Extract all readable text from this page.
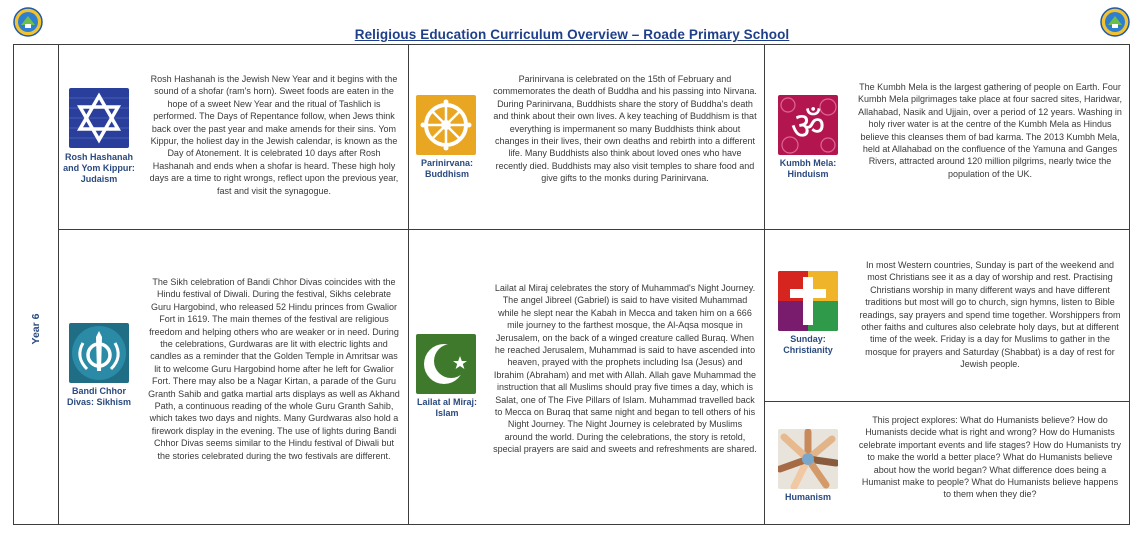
Religious Education Curriculum Overview – Roade Primary School
Year 6
Rosh Hashanah and Yom Kippur: Judaism
Rosh Hashanah is the Jewish New Year and it begins with the sound of a shofar (ram's horn). Sweet foods are eaten in the hope of a sweet New Year and the ritual of Tashlich is performed. The Days of Repentance follow, when Jews think back over the past year and make amends for their sins. Yom Kippur, the holiest day in the Jewish calendar, is known as the Day of Atonement. It is celebrated 10 days after Rosh Hashanah and ends when a shofar is heard. These high holy days are a time to right wrongs, reflect upon the previous year, fast and visit the synagogue.
Parinirvana: Buddhism
Parinirvana is celebrated on the 15th of February and commemorates the death of Buddha and his passing into Nirvana. During Parinirvana, Buddhists share the story of Buddha's death and think about their own lives. A key teaching of Buddhism is that everything is impermanent so many Buddhists think about changes in their lives, their own deaths and rebirth into a different life. Many Buddhists also think about loved ones who have recently died. Buddhists may also visit temples to share food and give gifts to the monks during Parinirvana.
ॐ
Kumbh Mela: Hinduism
The Kumbh Mela is the largest gathering of people on Earth. Four Kumbh Mela pilgrimages take place at four sacred sites, Haridwar, Allahabad, Nasik and Ujjain, over a period of 12 years. Washing in holy river water is at the centre of the Kumbh Mela as Hindus believe this cleanses them of bad karma. The 2013 Kumbh Mela, held at Allahabad on the confluence of the Yamuna and Ganges Rivers, attracted around 120 million pilgrims, nearly twice the population of the UK.
Bandi Chhor Divas: Sikhism
The Sikh celebration of Bandi Chhor Divas coincides with the Hindu festival of Diwali. During the festival, Sikhs celebrate Guru Hargobind, who released 52 Hindu princes from Gwalior Fort in 1619. The main themes of the festival are religious freedom and helping others who are weaker or in need. During the celebrations, Gurdwaras are lit with electric lights and candles as a reminder that the Golden Temple in Amritsar was lit to welcome Guru Hargobind home after he left for Gwalior Fort. There may also be a Nagar Kirtan, a parade of the Guru Granth Sahib and gatka martial arts displays as well as Akhand Path, a continuous reading of the whole Guru Granth Sahib, which takes two days and nights. Many Gurdwaras also hold a firework display in the evening. The use of lights during Bandi Chhor Divas seems similar to the Hindu festival of Diwali but the stories celebrated during the two festivals are different.
Lailat al Miraj: Islam
Lailat al Miraj celebrates the story of Muhammad's Night Journey. The angel Jibreel (Gabriel) is said to have visited Muhammad while he slept near the Kabah in Mecca and taken him on a 666 mile journey to the farthest mosque, the Al-Aqsa mosque in Jerusalem, on the back of a winged creature called Buraq. When he reached Jerusalem, Muhammad is said to have ascended into heaven, prayed with the prophets including Isa (Jesus) and Ibrahim (Abraham) and met with Allah. Allah gave Muhammad the instruction that all Muslims should pray five times a day, which is Salat, one of The Five Pillars of Islam. Muhammad travelled back to Mecca on Buraq that same night and began to tell others of his Night Journey. The Night Journey is celebrated by Muslims around the world. During the celebrations, the story is retold, special prayers are said and sweets and refreshments are shared.
Sunday: Christianity
In most Western countries, Sunday is part of the weekend and most Christians see it as a day of worship and rest. Practising Christians worship in many different ways and have different traditions but most will go to church, sign hymns, listen to Bible readings, say prayers and spend time together. Worshippers from other faiths and cultures also celebrate holy days, but at different time of the week. Friday is a day for Muslims to gather in the mosque for prayers and Saturday (Shabbat) is a day of rest for Jewish people.
Humanism
This project explores: What do Humanists believe? How do Humanists decide what is right and wrong? How do Humanists celebrate important events and life stages? How do Humanists try to make the world a better place? What do Humanists believe about how the world began? What difference does being a Humanist make to people? What do Humanists believe happens to them when they die?
